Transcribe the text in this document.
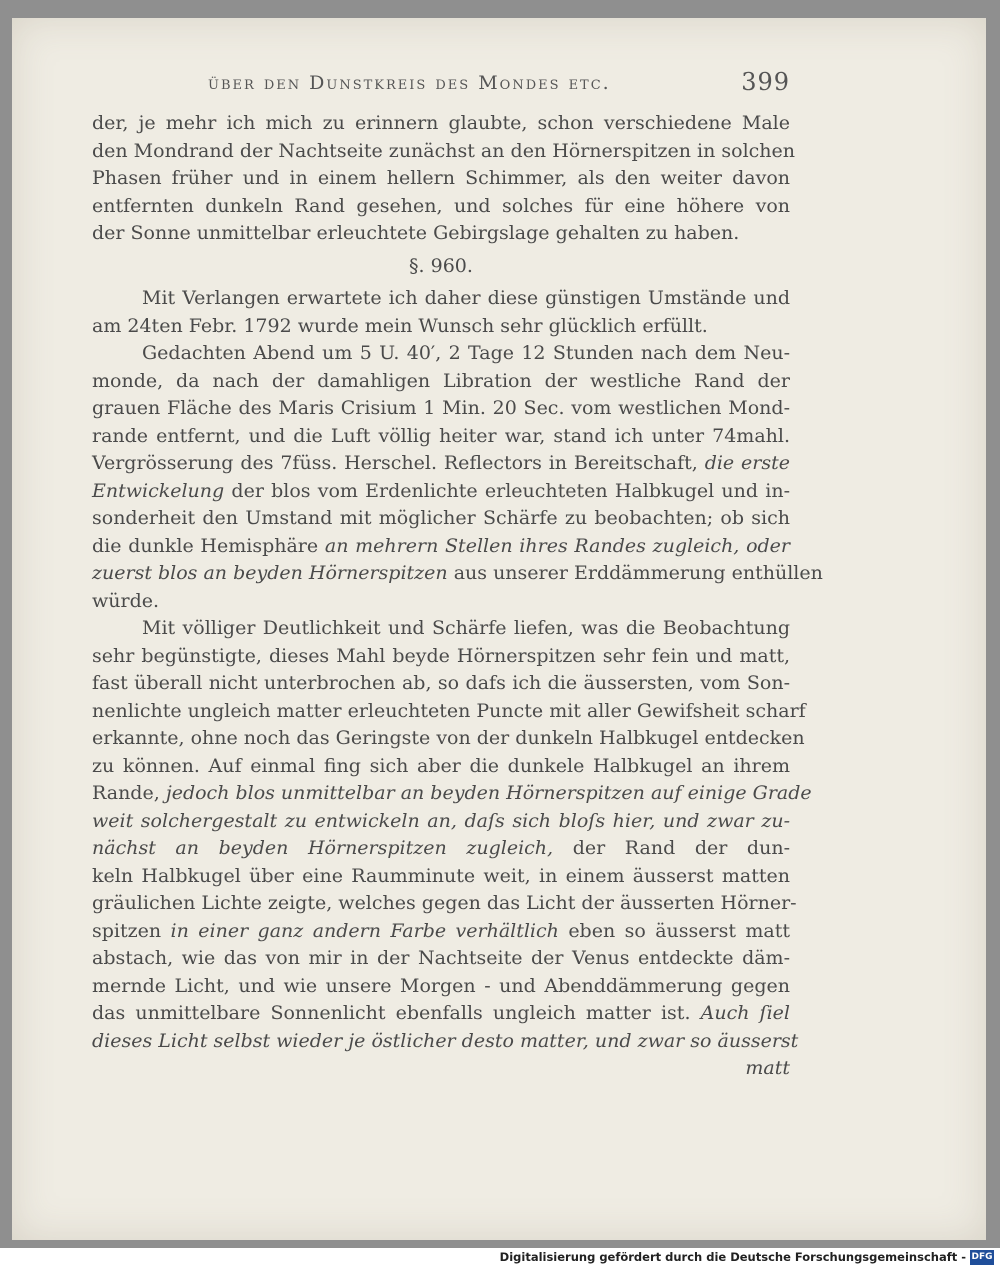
über den Dunstkreis des Mondes etc.	399
der, je mehr ich mich zu erinnern glaubte, schon verschiedene Male
den Mondrand der Nachtseite zunächst an den Hörnerspitzen in solchen
Phasen früher und in einem hellern Schimmer, als den weiter davon
entfernten dunkeln Rand gesehen, und solches für eine höhere von
der Sonne unmittelbar erleuchtete Gebirgslage gehalten zu haben.
§. 960.
Mit Verlangen erwartete ich daher diese günstigen Umstände und
am 24ten Febr. 1792 wurde mein Wunsch sehr glücklich erfüllt.
Gedachten Abend um 5 U. 40′, 2 Tage 12 Stunden nach dem Neu-
monde, da nach der damahligen Libration der westliche Rand der
grauen Fläche des Maris Crisium 1 Min. 20 Sec. vom westlichen Mond-
rande entfernt, und die Luft völlig heiter war, stand ich unter 74mahl.
Vergrösserung des 7füss. Herschel. Reflectors in Bereitschaft, die erste
Entwickelung der blos vom Erdenlichte erleuchteten Halbkugel und in-
sonderheit den Umstand mit möglicher Schärfe zu beobachten; ob sich
die dunkle Hemisphäre an mehrern Stellen ihres Randes zugleich, oder
zuerst blos an beyden Hörnerspitzen aus unserer Erddämmerung enthüllen
würde.
Mit völliger Deutlichkeit und Schärfe liefen, was die Beobachtung
sehr begünstigte, dieses Mahl beyde Hörnerspitzen sehr fein und matt,
fast überall nicht unterbrochen ab, so dafs ich die äussersten, vom Son-
nenlichte ungleich matter erleuchteten Puncte mit aller Gewifsheit scharf
erkannte, ohne noch das Geringste von der dunkeln Halbkugel entdecken
zu können. Auf einmal fing sich aber die dunkele Halbkugel an ihrem
Rande, jedoch blos unmittelbar an beyden Hörnerspitzen auf einige Grade
weit solchergestalt zu entwickeln an, daſs sich bloſs hier, und zwar zu-
nächst an beyden Hörnerspitzen zugleich, der Rand der dun-
keln Halbkugel über eine Raumminute weit, in einem äusserst matten
gräulichen Lichte zeigte, welches gegen das Licht der äusserten Hörner-
spitzen in einer ganz andern Farbe verhältlich eben so äusserst matt
abstach, wie das von mir in der Nachtseite der Venus entdeckte däm-
mernde Licht, und wie unsere Morgen - und Abenddämmerung gegen
das unmittelbare Sonnenlicht ebenfalls ungleich matter ist. Auch ſiel
dieses Licht selbst wieder je östlicher desto matter, und zwar so äusserst
matt
Digitalisierung gefördert durch die Deutsche Forschungsgemeinschaft - DFG
